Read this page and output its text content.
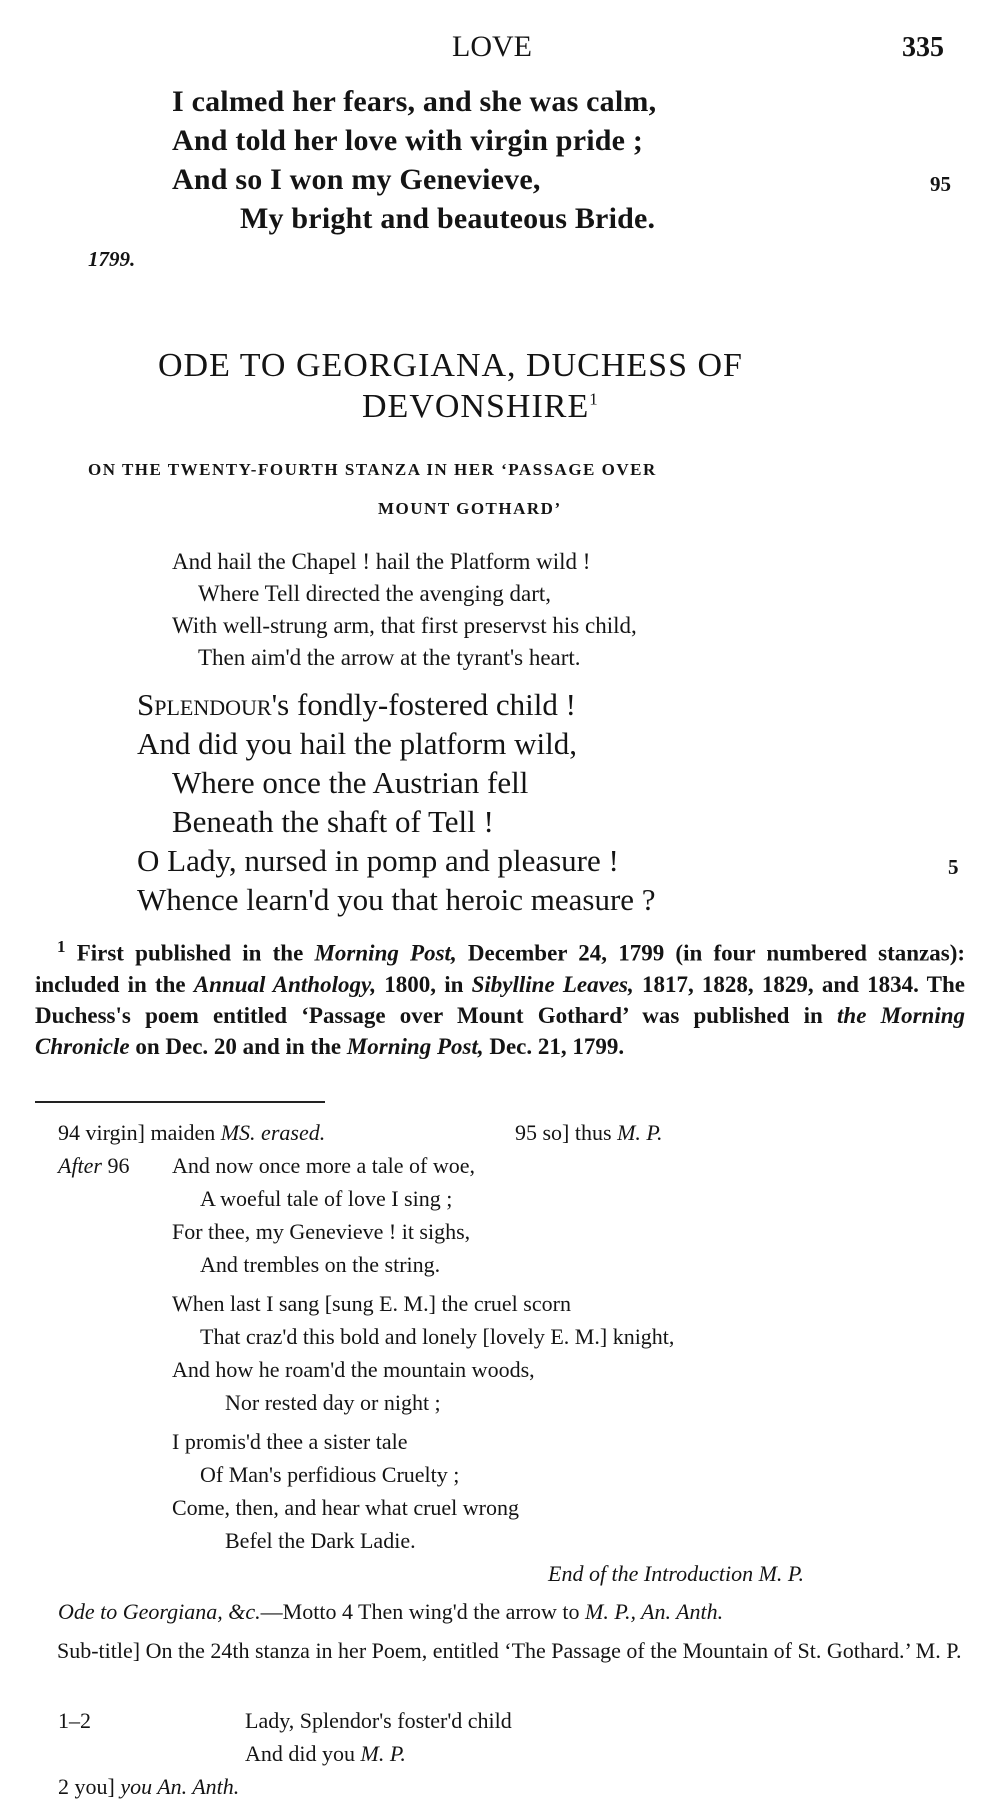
LOVE	335
I calmed her fears, and she was calm,
And told her love with virgin pride ;
And so I won my Genevieve,	95
My bright and beauteous Bride.
1799.
ODE TO GEORGIANA, DUCHESS OF
DEVONSHIRE$^1$
ON THE TWENTY-FOURTH STANZA IN HER ‘PASSAGE OVER
MOUNT GOTHARD’
And hail the Chapel ! hail the Platform wild !
Where Tell directed the avenging dart,
With well-strung arm, that first preservst his child,
Then aim'd the arrow at the tyrant's heart.
Splendour's fondly-fostered child !
And did you hail the platform wild,
Where once the Austrian fell
Beneath the shaft of Tell !
O Lady, nursed in pomp and pleasure !	5
Whence learn'd you that heroic measure ?
$^1$ First published in the Morning Post, December 24, 1799 (in four numbered stanzas): included in the Annual Anthology, 1800, in Sibylline Leaves, 1817, 1828, 1829, and 1834. The Duchess's poem entitled ‘Passage over Mount Gothard’ was published in the Morning Chronicle on Dec. 20 and in the Morning Post, Dec. 21, 1799.
94 virgin] maiden MS. erased.	95 so] thus M. P.
After 96 And now once more a tale of woe,
A woeful tale of love I sing ;
For thee, my Genevieve ! it sighs,
And trembles on the string.
When last I sang [sung E. M.] the cruel scorn
That craz'd this bold and lonely [lovely E. M.] knight,
And how he roam'd the mountain woods,
Nor rested day or night ;
I promis'd thee a sister tale
Of Man's perfidious Cruelty ;
Come, then, and hear what cruel wrong
Befel the Dark Ladie.
End of the Introduction M. P.
Ode to Georgiana, &c.—Motto 4 Then wing'd the arrow to M. P., An. Anth.
Sub-title] On the 24th stanza in her Poem, entitled ‘The Passage of the Mountain of St. Gothard.’ M. P.
1–2	Lady, Splendor's foster'd child
And did you M. P.
2 you] you An. Anth.
